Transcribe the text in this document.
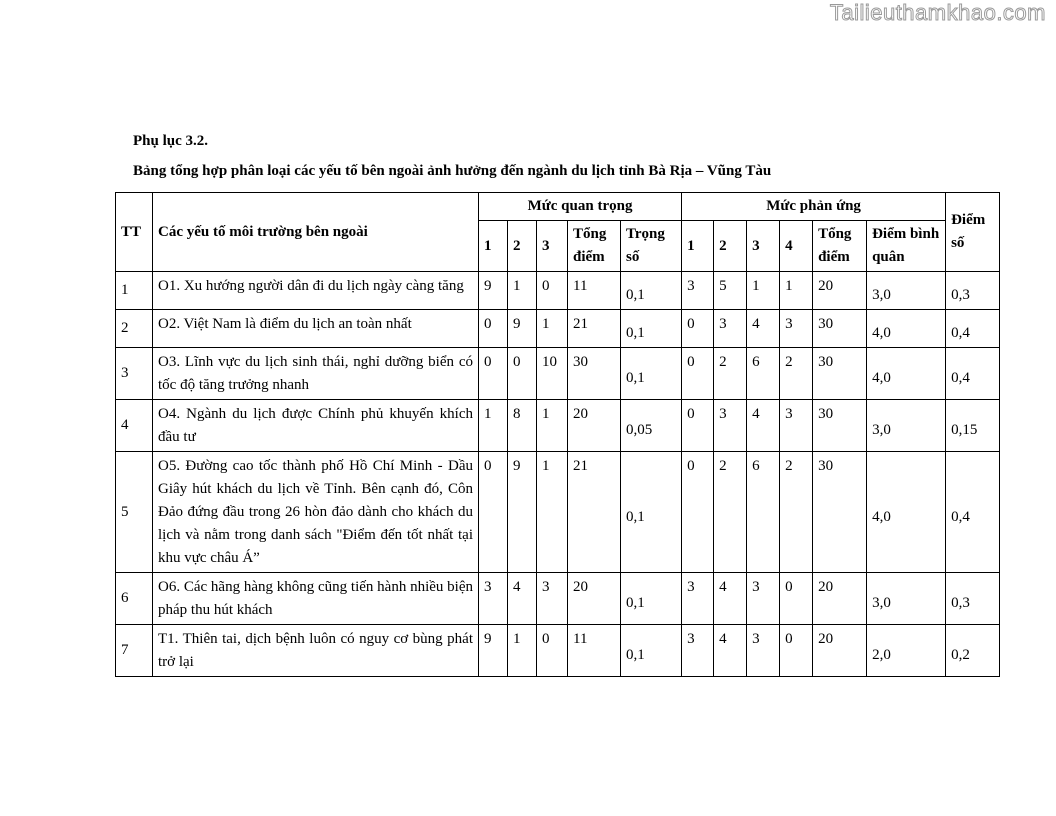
Tailieuthamkhao.com
Phụ lục 3.2.
Bảng tổng hợp phân loại các yếu tố bên ngoài ảnh hưởng đến ngành du lịch tỉnh Bà Rịa – Vũng Tàu
TT	Các yếu tố môi trường bên ngoài	Mức quan trọng					Mức phản ứng						Điểm số
		1	2	3	Tổng điểm	Trọng số	1	2	3	4	Tổng điểm	Điểm bình quân	
1	O1. Xu hướng người dân đi du lịch ngày càng tăng	9	1	0	11	0,1	3	5	1	1	20	3,0	0,3
2	O2. Việt Nam là điểm du lịch an toàn nhất	0	9	1	21	0,1	0	3	4	3	30	4,0	0,4
3	O3. Lĩnh vực du lịch sinh thái, nghỉ dưỡng biển có tốc độ tăng trưởng nhanh	0	0	10	30	0,1	0	2	6	2	30	4,0	0,4
4	O4. Ngành du lịch được Chính phủ khuyến khích đầu tư	1	8	1	20	0,05	0	3	4	3	30	3,0	0,15
5	O5. Đường cao tốc thành phố Hồ Chí Minh - Dầu Giây hút khách du lịch về Tỉnh. Bên cạnh đó, Côn Đảo đứng đầu trong 26 hòn đảo dành cho khách du lịch và nằm trong danh sách "Điểm đến tốt nhất tại khu vực châu Á”	0	9	1	21	0,1	0	2	6	2	30	4,0	0,4
6	O6. Các hãng hàng không cũng tiến hành nhiều biện pháp thu hút khách	3	4	3	20	0,1	3	4	3	0	20	3,0	0,3
7	T1. Thiên tai, dịch bệnh luôn có nguy cơ bùng phát trở lại	9	1	0	11	0,1	3	4	3	0	20	2,0	0,2
